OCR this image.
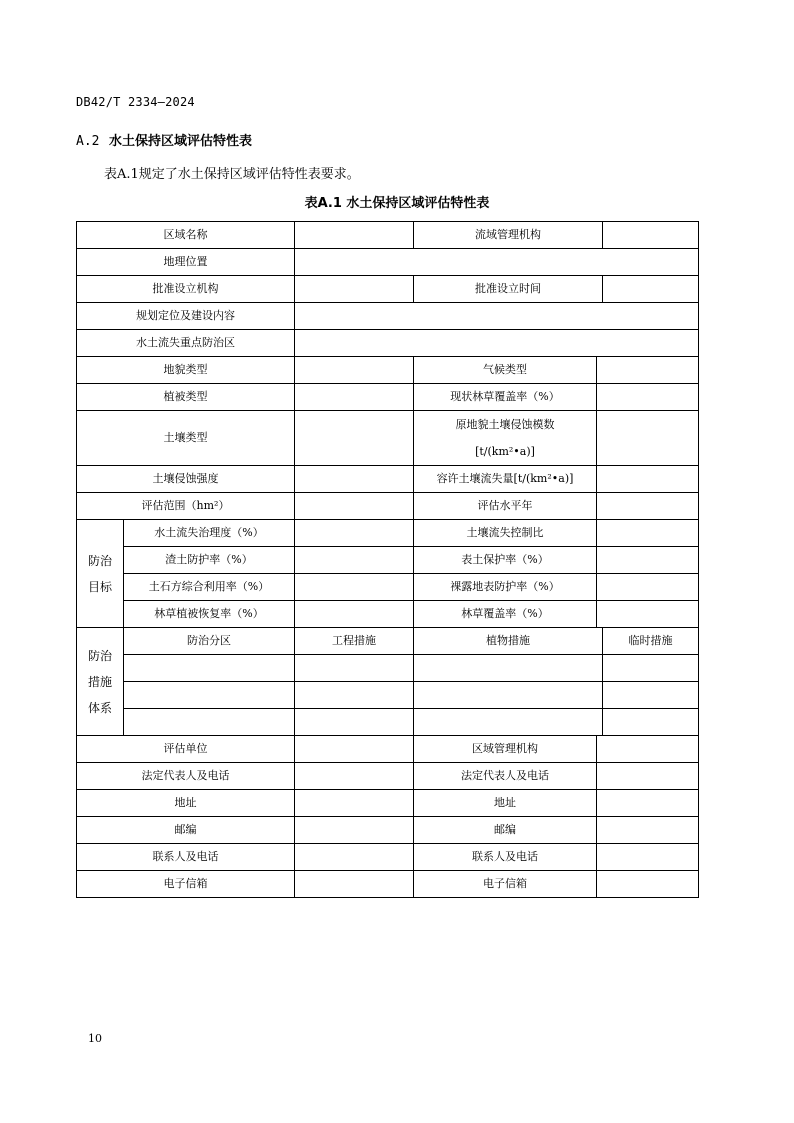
DB42/T 2334—2024
A.2 水土保持区域评估特性表
表A.1规定了水土保持区域评估特性表要求。
表A.1 水土保持区域评估特性表
区域名称			流域管理机构		
地理位置					
批准设立机构			批准设立时间		
规划定位及建设内容					
水土流失重点防治区					
地貌类型			气候类型		
植被类型			现状林草覆盖率（%）		
土壤类型			原地貌土壤侵蚀模数
[t/(km²•a)]		
土壤侵蚀强度			容许土壤流失量[t/(km²•a)]		
评估范围（hm²）			评估水平年		
防治
目标	水土流失治理度（%）		土壤流失控制比		
	渣土防护率（%）		表土保护率（%）		
	土石方综合利用率（%）		裸露地表防护率（%）		
	林草植被恢复率（%）		林草覆盖率（%）		
防治
措施
体系	防治分区	工程措施	植物措施		临时措施

评估单位			区域管理机构		
法定代表人及电话			法定代表人及电话		
地址			地址		
邮编			邮编		
联系人及电话			联系人及电话		
电子信箱			电子信箱		
10
